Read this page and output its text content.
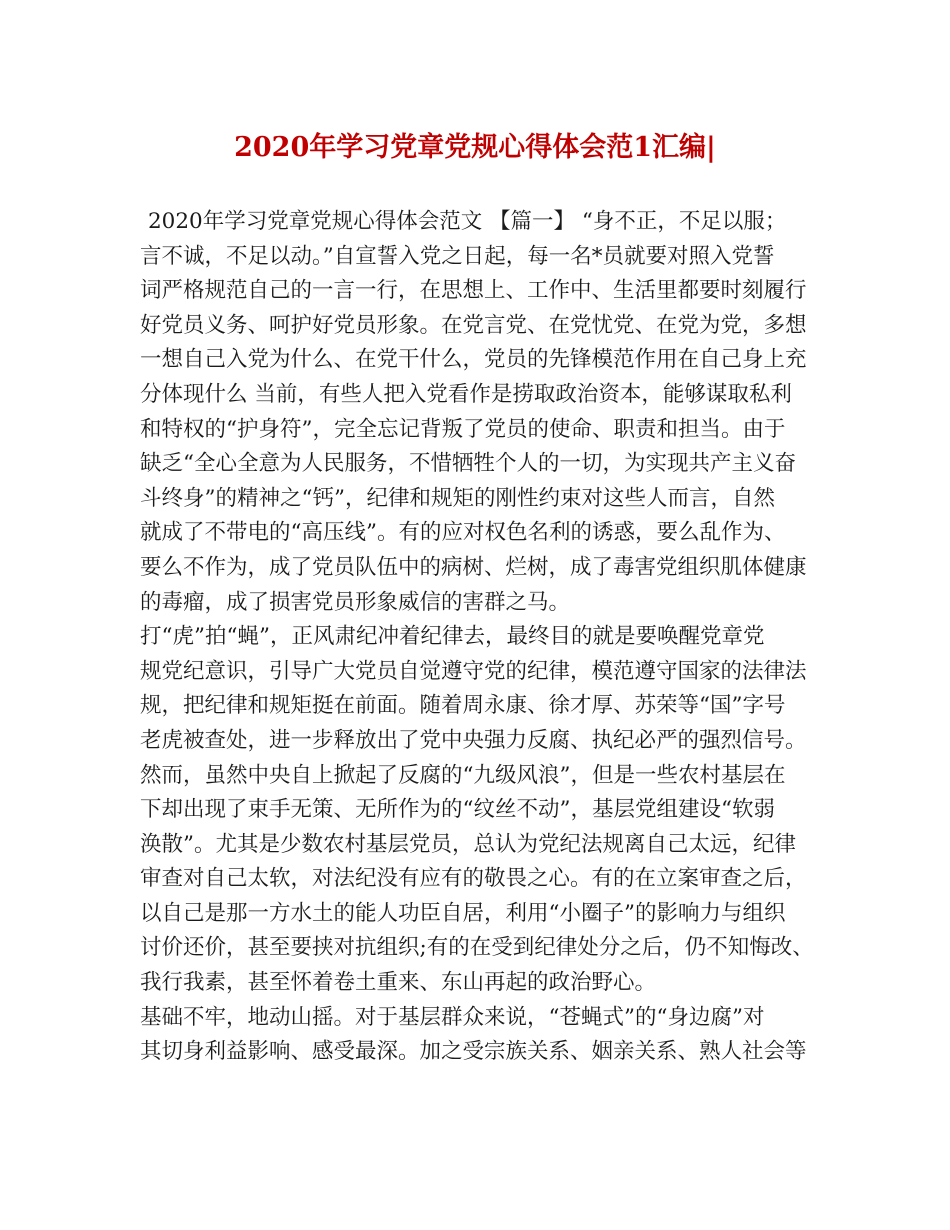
2020年学习党章党规心得体会范1汇编|
2020年学习党章党规心得体会范文 【篇一】 “身不正，不足以服；
言不诚，不足以动。”自宣誓入党之日起，每一名*员就要对照入党誓
词严格规范自己的一言一行，在思想上、工作中、生活里都要时刻履行
好党员义务、呵护好党员形象。在党言党、在党忧党、在党为党，多想
一想自己入党为什么、在党干什么，党员的先锋模范作用在自己身上充
分体现什么 当前，有些人把入党看作是捞取政治资本，能够谋取私利
和特权的“护身符”，完全忘记背叛了党员的使命、职责和担当。由于
缺乏“全心全意为人民服务，不惜牺牲个人的一切，为实现共产主义奋
斗终身”的精神之“钙”，纪律和规矩的刚性约束对这些人而言，自然
就成了不带电的“高压线”。有的应对权色名利的诱惑，要么乱作为、
要么不作为，成了党员队伍中的病树、烂树，成了毒害党组织肌体健康
的毒瘤，成了损害党员形象威信的害群之马。
打“虎”拍“蝇”，正风肃纪冲着纪律去，最终目的就是要唤醒党章党
规党纪意识，引导广大党员自觉遵守党的纪律，模范遵守国家的法律法
规，把纪律和规矩挺在前面。随着周永康、徐才厚、苏荣等“国”字号
老虎被查处，进一步释放出了党中央强力反腐、执纪必严的强烈信号。
然而，虽然中央自上掀起了反腐的“九级风浪”，但是一些农村基层在
下却出现了束手无策、无所作为的“纹丝不动”，基层党组建设“软弱
涣散”。尤其是少数农村基层党员，总认为党纪法规离自己太远，纪律
审查对自己太软，对法纪没有应有的敬畏之心。有的在立案审查之后，
以自己是那一方水土的能人功臣自居，利用“小圈子”的影响力与组织
讨价还价，甚至要挟对抗组织;有的在受到纪律处分之后，仍不知悔改、
我行我素，甚至怀着卷土重来、东山再起的政治野心。
基础不牢，地动山摇。对于基层群众来说，“苍蝇式”的“身边腐”对
其切身利益影响、感受最深。加之受宗族关系、姻亲关系、熟人社会等
